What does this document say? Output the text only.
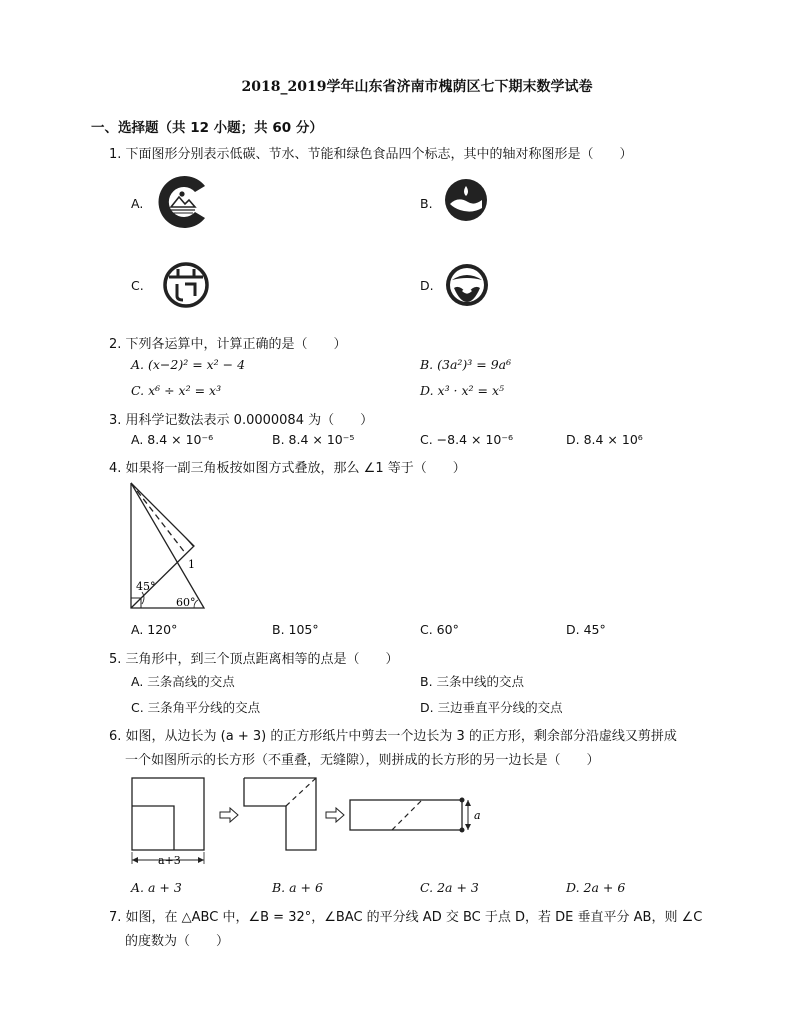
2018_2019学年山东省济南市槐荫区七下期末数学试卷
一、选择题（共 12 小题；共 60 分）
1. 下面图形分别表示低碳、节水、节能和绿色食品四个标志，其中的轴对称图形是（　　）
A.	B.
C.	D.
2. 下列各运算中，计算正确的是（　　）
A. (x−2)² = x² − 4	B. (3a²)³ = 9a⁶
C. x⁶ ÷ x² = x³	D. x³ · x² = x⁵
3. 用科学记数法表示 0.0000084 为（　　）
A. 8.4 × 10⁻⁶	B. 8.4 × 10⁻⁵	C. −8.4 × 10⁻⁶	D. 8.4 × 10⁶
4. 如果将一副三角板按如图方式叠放，那么 ∠1 等于（　　）
45°
60°
1
A. 120°	B. 105°	C. 60°	D. 45°
5. 三角形中，到三个顶点距离相等的点是（　　）
A. 三条高线的交点	B. 三条中线的交点
C. 三条角平分线的交点	D. 三边垂直平分线的交点
6. 如图，从边长为 (a + 3) 的正方形纸片中剪去一个边长为 3 的正方形，剩余部分沿虚线又剪拼成
一个如图所示的长方形（不重叠，无缝隙），则拼成的长方形的另一边长是（　　）
a+3
a
A. a + 3	B. a + 6	C. 2a + 3	D. 2a + 6
7. 如图，在 △ABC 中，∠B = 32°，∠BAC 的平分线 AD 交 BC 于点 D，若 DE 垂直平分 AB，则 ∠C
的度数为（　　）
